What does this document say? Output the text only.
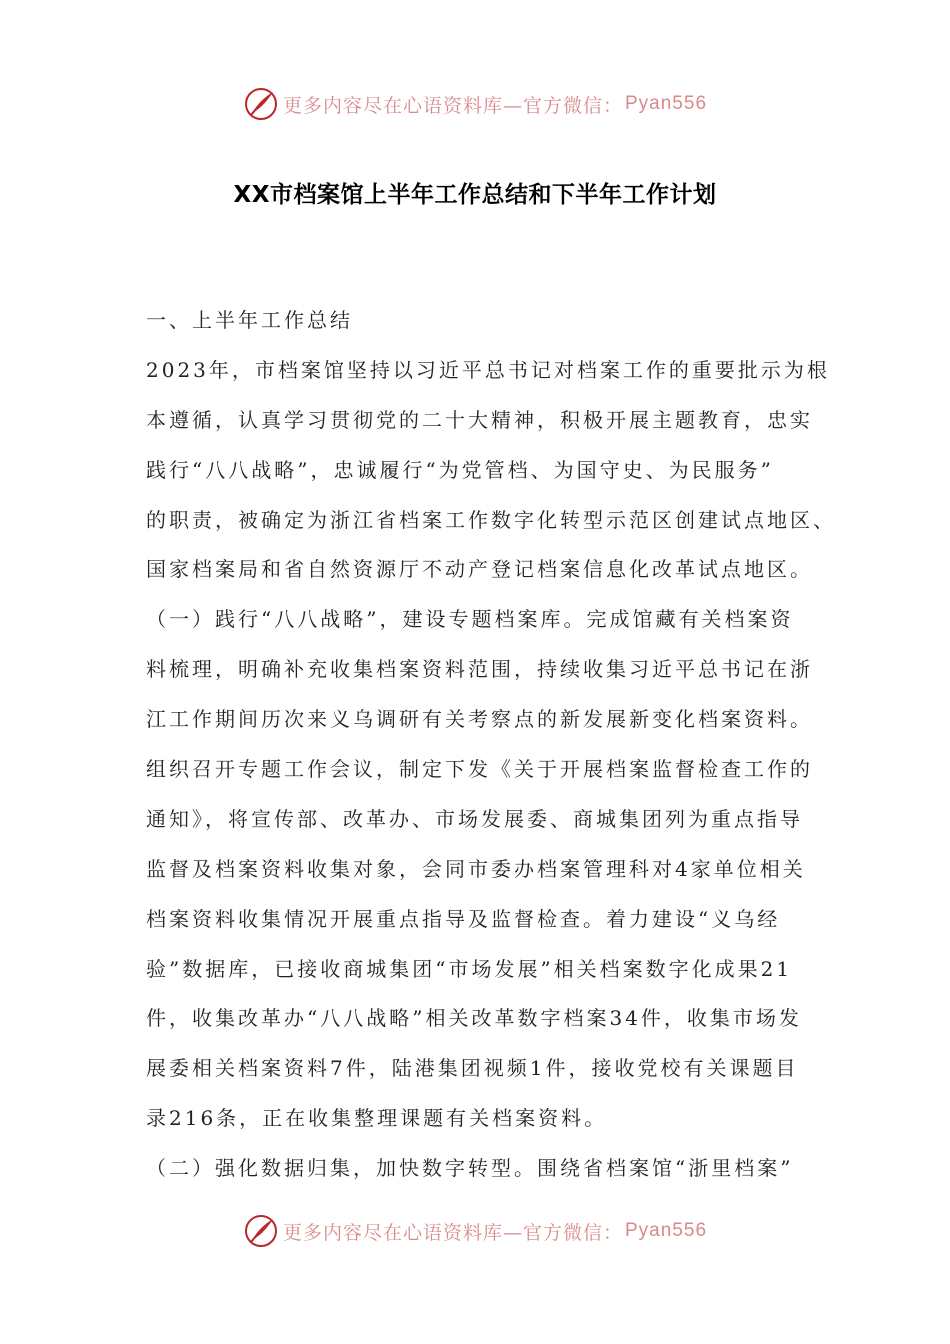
更多内容尽在心语资料库—官方微信： Pyan556
XX市档案馆上半年工作总结和下半年工作计划
一、上半年工作总结
2023年，市档案馆坚持以习近平总书记对档案工作的重要批示为根
本遵循，认真学习贯彻党的二十大精神，积极开展主题教育，忠实
践行“八八战略”，忠诚履行“为党管档、为国守史、为民服务”
的职责，被确定为浙江省档案工作数字化转型示范区创建试点地区、
国家档案局和省自然资源厅不动产登记档案信息化改革试点地区。
（一）践行“八八战略”，建设专题档案库。完成馆藏有关档案资
料梳理，明确补充收集档案资料范围，持续收集习近平总书记在浙
江工作期间历次来义乌调研有关考察点的新发展新变化档案资料。
组织召开专题工作会议，制定下发《关于开展档案监督检查工作的
通知》，将宣传部、改革办、市场发展委、商城集团列为重点指导
监督及档案资料收集对象，会同市委办档案管理科对4家单位相关
档案资料收集情况开展重点指导及监督检查。着力建设“义乌经
验”数据库，已接收商城集团“市场发展”相关档案数字化成果21
件，收集改革办“八八战略”相关改革数字档案34件，收集市场发
展委相关档案资料7件，陆港集团视频1件，接收党校有关课题目
录216条，正在收集整理课题有关档案资料。
（二）强化数据归集，加快数字转型。围绕省档案馆“浙里档案”
更多内容尽在心语资料库—官方微信： Pyan556
